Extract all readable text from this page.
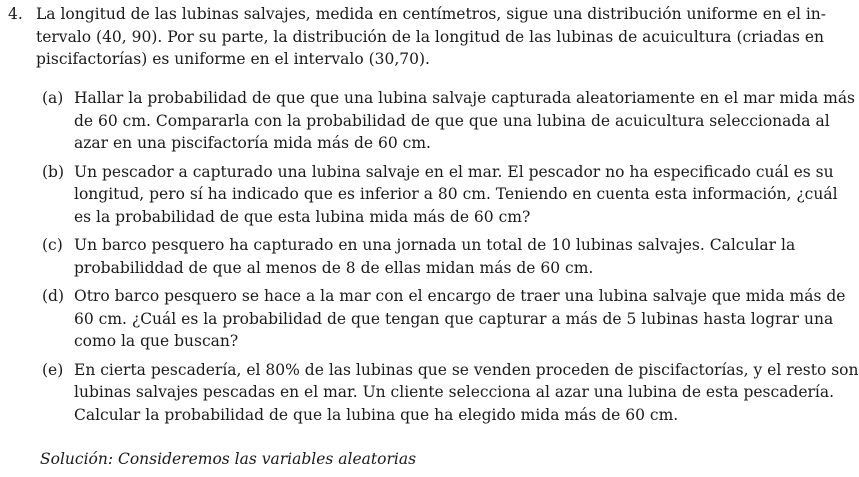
4. La longitud de las lubinas salvajes, medida en centímetros, sigue una distribución uniforme en el in-
tervalo (40, 90). Por su parte, la distribución de la longitud de las lubinas de acuicultura (criadas en
piscifactorías) es uniforme en el intervalo (30,70).
(a) Hallar la probabilidad de que que una lubina salvaje capturada aleatoriamente en el mar mida más
de 60 cm. Compararla con la probabilidad de que que una lubina de acuicultura seleccionada al
azar en una piscifactoría mida más de 60 cm.
(b) Un pescador a capturado una lubina salvaje en el mar. El pescador no ha especificado cuál es su
longitud, pero sí ha indicado que es inferior a 80 cm. Teniendo en cuenta esta información, ¿cuál
es la probabilidad de que esta lubina mida más de 60 cm?
(c) Un barco pesquero ha capturado en una jornada un total de 10 lubinas salvajes. Calcular la
probabiliddad de que al menos de 8 de ellas midan más de 60 cm.
(d) Otro barco pesquero se hace a la mar con el encargo de traer una lubina salvaje que mida más de
60 cm. ¿Cuál es la probabilidad de que tengan que capturar a más de 5 lubinas hasta lograr una
como la que buscan?
(e) En cierta pescadería, el 80% de las lubinas que se venden proceden de piscifactorías, y el resto son
lubinas salvajes pescadas en el mar. Un cliente selecciona al azar una lubina de esta pescadería.
Calcular la probabilidad de que la lubina que ha elegido mida más de 60 cm.
Solución: Consideremos las variables aleatorias
